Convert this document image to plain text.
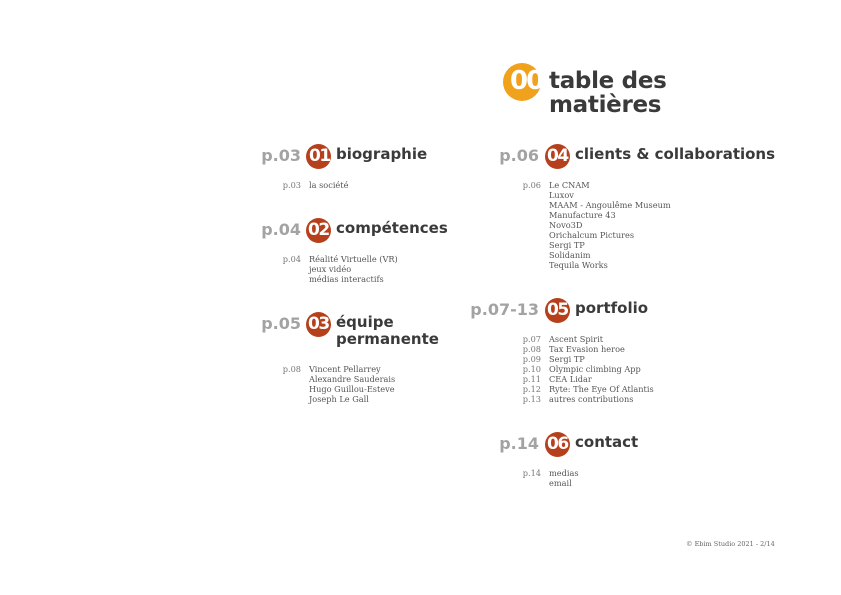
00 table des
matières
p.03 01 biographie
p.03 la société
p.04 02 compétences
p.04 Réalité Virtuelle (VR)
jeux vidéo
médias interactifs
p.05 03 équipe
permanente
p.08 Vincent Pellarrey
Alexandre Sauderais
Hugo Guillou-Esteve
Joseph Le Gall
p.06 04 clients & collaborations
p.06 Le CNAM
Luxov
MAAM - Angoulême Museum
Manufacture 43
Novo3D
Orichalcum Pictures
Sergi TP
Solidanim
Tequila Works
p.07-13 05 portfolio
p.07 Ascent Spirit
p.08 Tax Evasion heroe
p.09 Sergi TP
p.10 Olympic climbing App
p.11 CEA Lidar
p.12 Ryte: The Eye Of Atlantis
p.13 autres contributions
p.14 06 contact
p.14 medias
email
© Ebim Studio 2021 - 2/14
